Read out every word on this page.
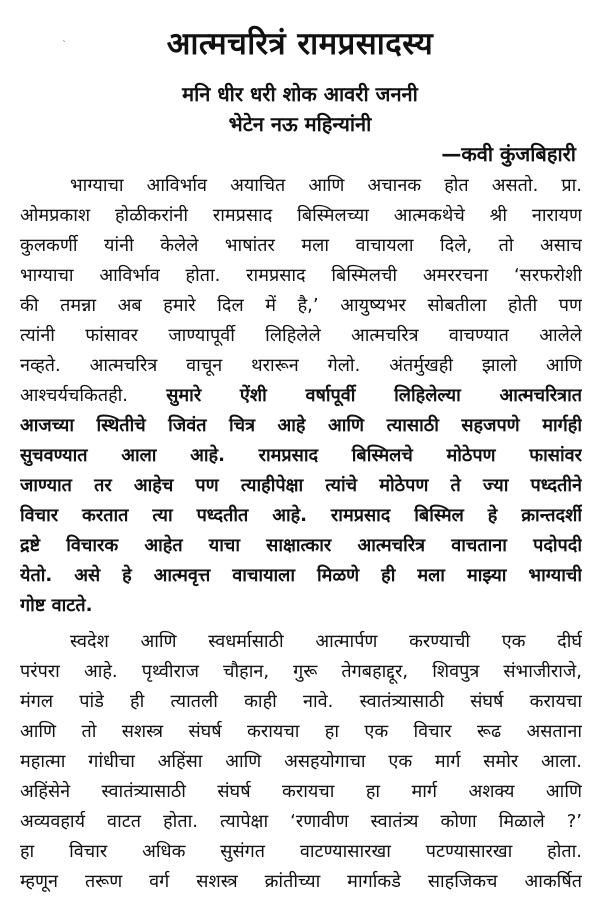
`	आत्मचरित्रं रामप्रसादस्य
मनि धीर धरी शोक आवरी जननी
भेटेन नऊ महिन्यांनी
—कवी कुंजबिहारी
भाग्याचा आविर्भाव अयाचित आणि अचानक होत असतो. प्रा.
ओमप्रकाश होळीकरांनी रामप्रसाद बिस्मिलच्या आत्मकथेचे श्री नारायण
कुलकर्णी यांनी केलेले भाषांतर मला वाचायला दिले, तो असाच
भाग्याचा आविर्भाव होता. रामप्रसाद बिस्मिलची अमररचना ‘सरफरोशी
की तमन्ना अब हमारे दिल में है,’ आयुष्यभर सोबतीला होती पण
त्यांनी फांसावर जाण्यापूर्वी लिहिलेले आत्मचरित्र वाचण्यात आलेले
नव्हते. आत्मचरित्र वाचून थरारून गेलो. अंतर्मुखही झालो आणि
आश्चर्यचकितही. सुमारे ऐंशी वर्षापूर्वी लिहिलेल्या आत्मचरित्रात
आजच्या स्थितीचे जिवंत चित्र आहे आणि त्यासाठी सहजपणे मार्गही
सुचवण्यात आला आहे. रामप्रसाद बिस्मिलचे मोठेपण फासांवर
जाण्यात तर आहेच पण त्याहीपेक्षा त्यांचे मोठेपण ते ज्या पध्दतीने
विचार करतात त्या पध्दतीत आहे. रामप्रसाद बिस्मिल हे क्रान्तदर्शी
द्रष्टे विचारक आहेत याचा साक्षात्कार आत्मचरित्र वाचताना पदोपदी
येतो. असे हे आत्मवृत्त वाचायाला मिळणे ही मला माझ्या भाग्याची
गोष्ट वाटते.
स्वदेश आणि स्वधर्मासाठी आत्मार्पण करण्याची एक दीर्घ
परंपरा आहे. पृथ्वीराज चौहान, गुरू तेगबहाद्दूर, शिवपुत्र संभाजीराजे,
मंगल पांडे ही त्यातली काही नावे. स्वातंत्र्यासाठी संघर्ष करायचा
आणि तो सशस्त्र संघर्ष करायचा हा एक विचार रूढ असताना
महात्मा गांधीचा अहिंसा आणि असहयोगाचा एक मार्ग समोर आला.
अहिंसेने स्वातंत्र्यासाठी संघर्ष करायचा हा मार्ग अशक्य आणि
अव्यवहार्य वाटत होता. त्यापेक्षा ‘रणावीण स्वातंत्र्य कोणा मिळाले ?’
हा विचार अधिक सुसंगत वाटण्यासारखा पटण्यासारखा होता.
म्हणून तरूण वर्ग सशस्त्र क्रांतीच्या मार्गाकडे साहजिकच आकर्षित
